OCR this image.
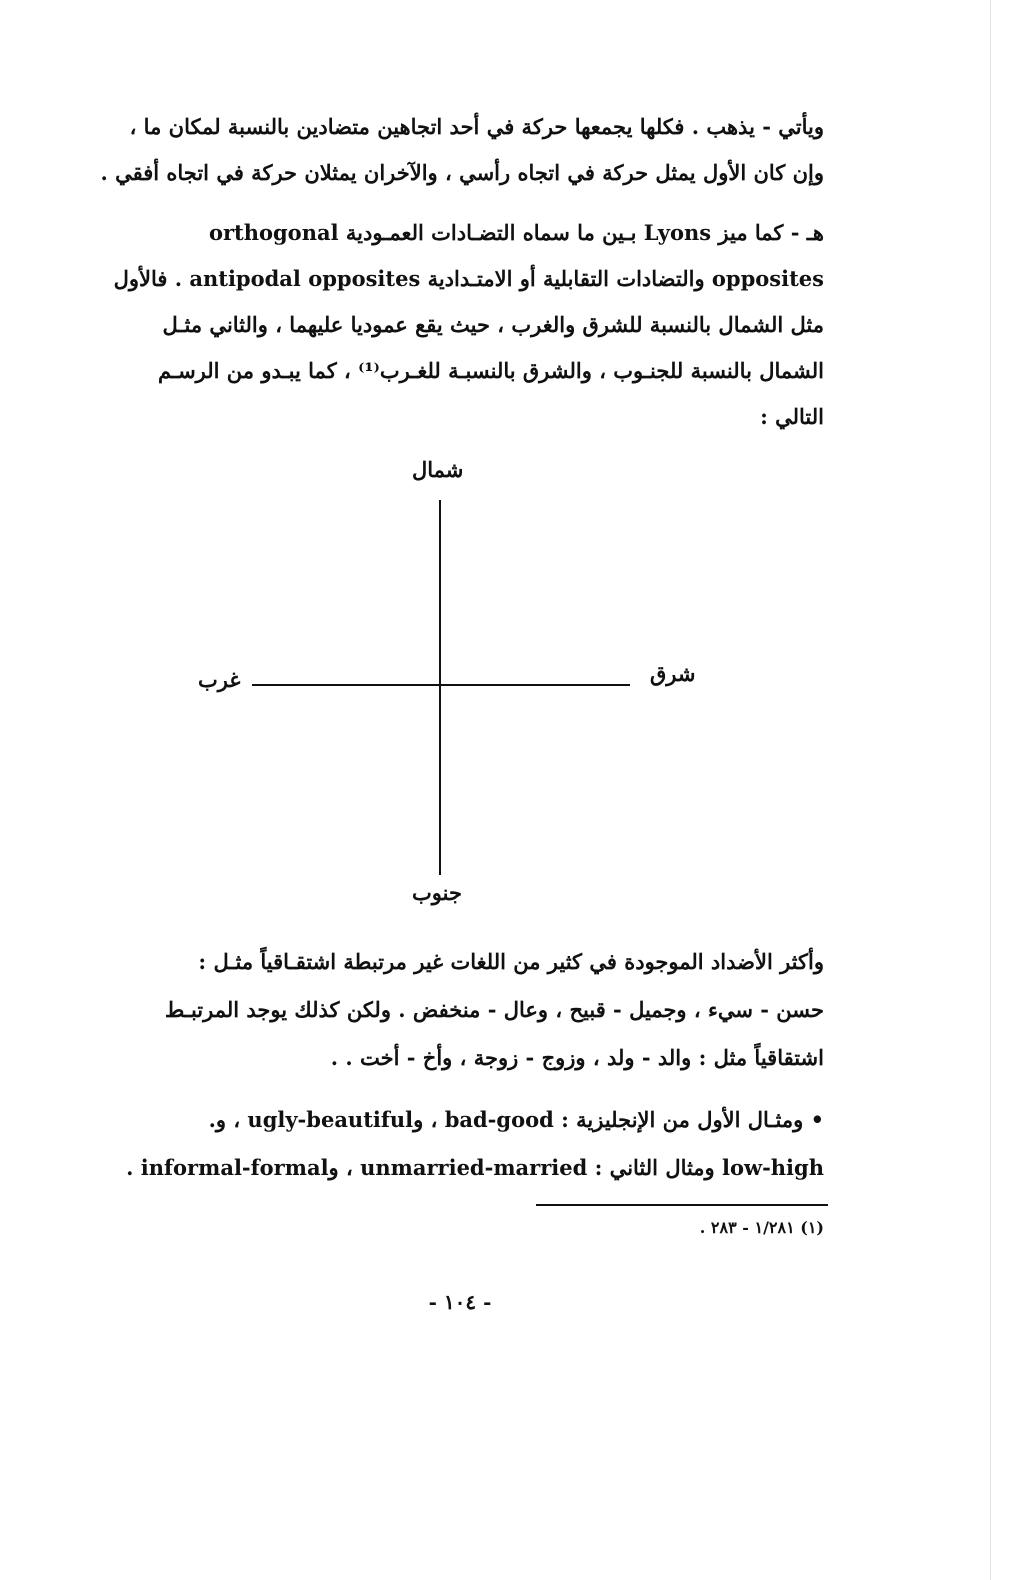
ويأتي - يذهب . فكلها يجمعها حركة في أحد اتجاهين متضادين بالنسبة لمكان ما ،
وإن كان الأول يمثل حركة في اتجاه رأسي ، والآخران يمثلان حركة في اتجاه أفقي .
هـ - كما ميز Lyons بـين ما سماه التضـادات العمـودية orthogonal
opposites والتضادات التقابلية أو الامتـدادية antipodal opposites . فالأول
مثل الشمال بالنسبة للشرق والغرب ، حيث يقع عموديا عليهما ، والثاني مثـل
الشمال بالنسبة للجنـوب ، والشرق بالنسبـة للغـرب⁽¹⁾ ، كما يبـدو من الرسـم
التالي :
شمال
جنوب
غرب	شرق
وأكثر الأضداد الموجودة في كثير من اللغات غير مرتبطة اشتقـاقياً مثـل :
حسن - سيء ، وجميل - قبيح ، وعال - منخفض . ولكن كذلك يوجد المرتبـط
اشتقاقياً مثل : والد - ولد ، وزوج - زوجة ، وأخ - أخت . .
• ومثـال الأول من الإنجليزية : bad-good ، وugly-beautiful ، و.
low-high ومثال الثاني : unmarried-married ، وinformal-formal .
(١) ١/٢٨١ - ٢٨٣ .
- ١٠٤ -
